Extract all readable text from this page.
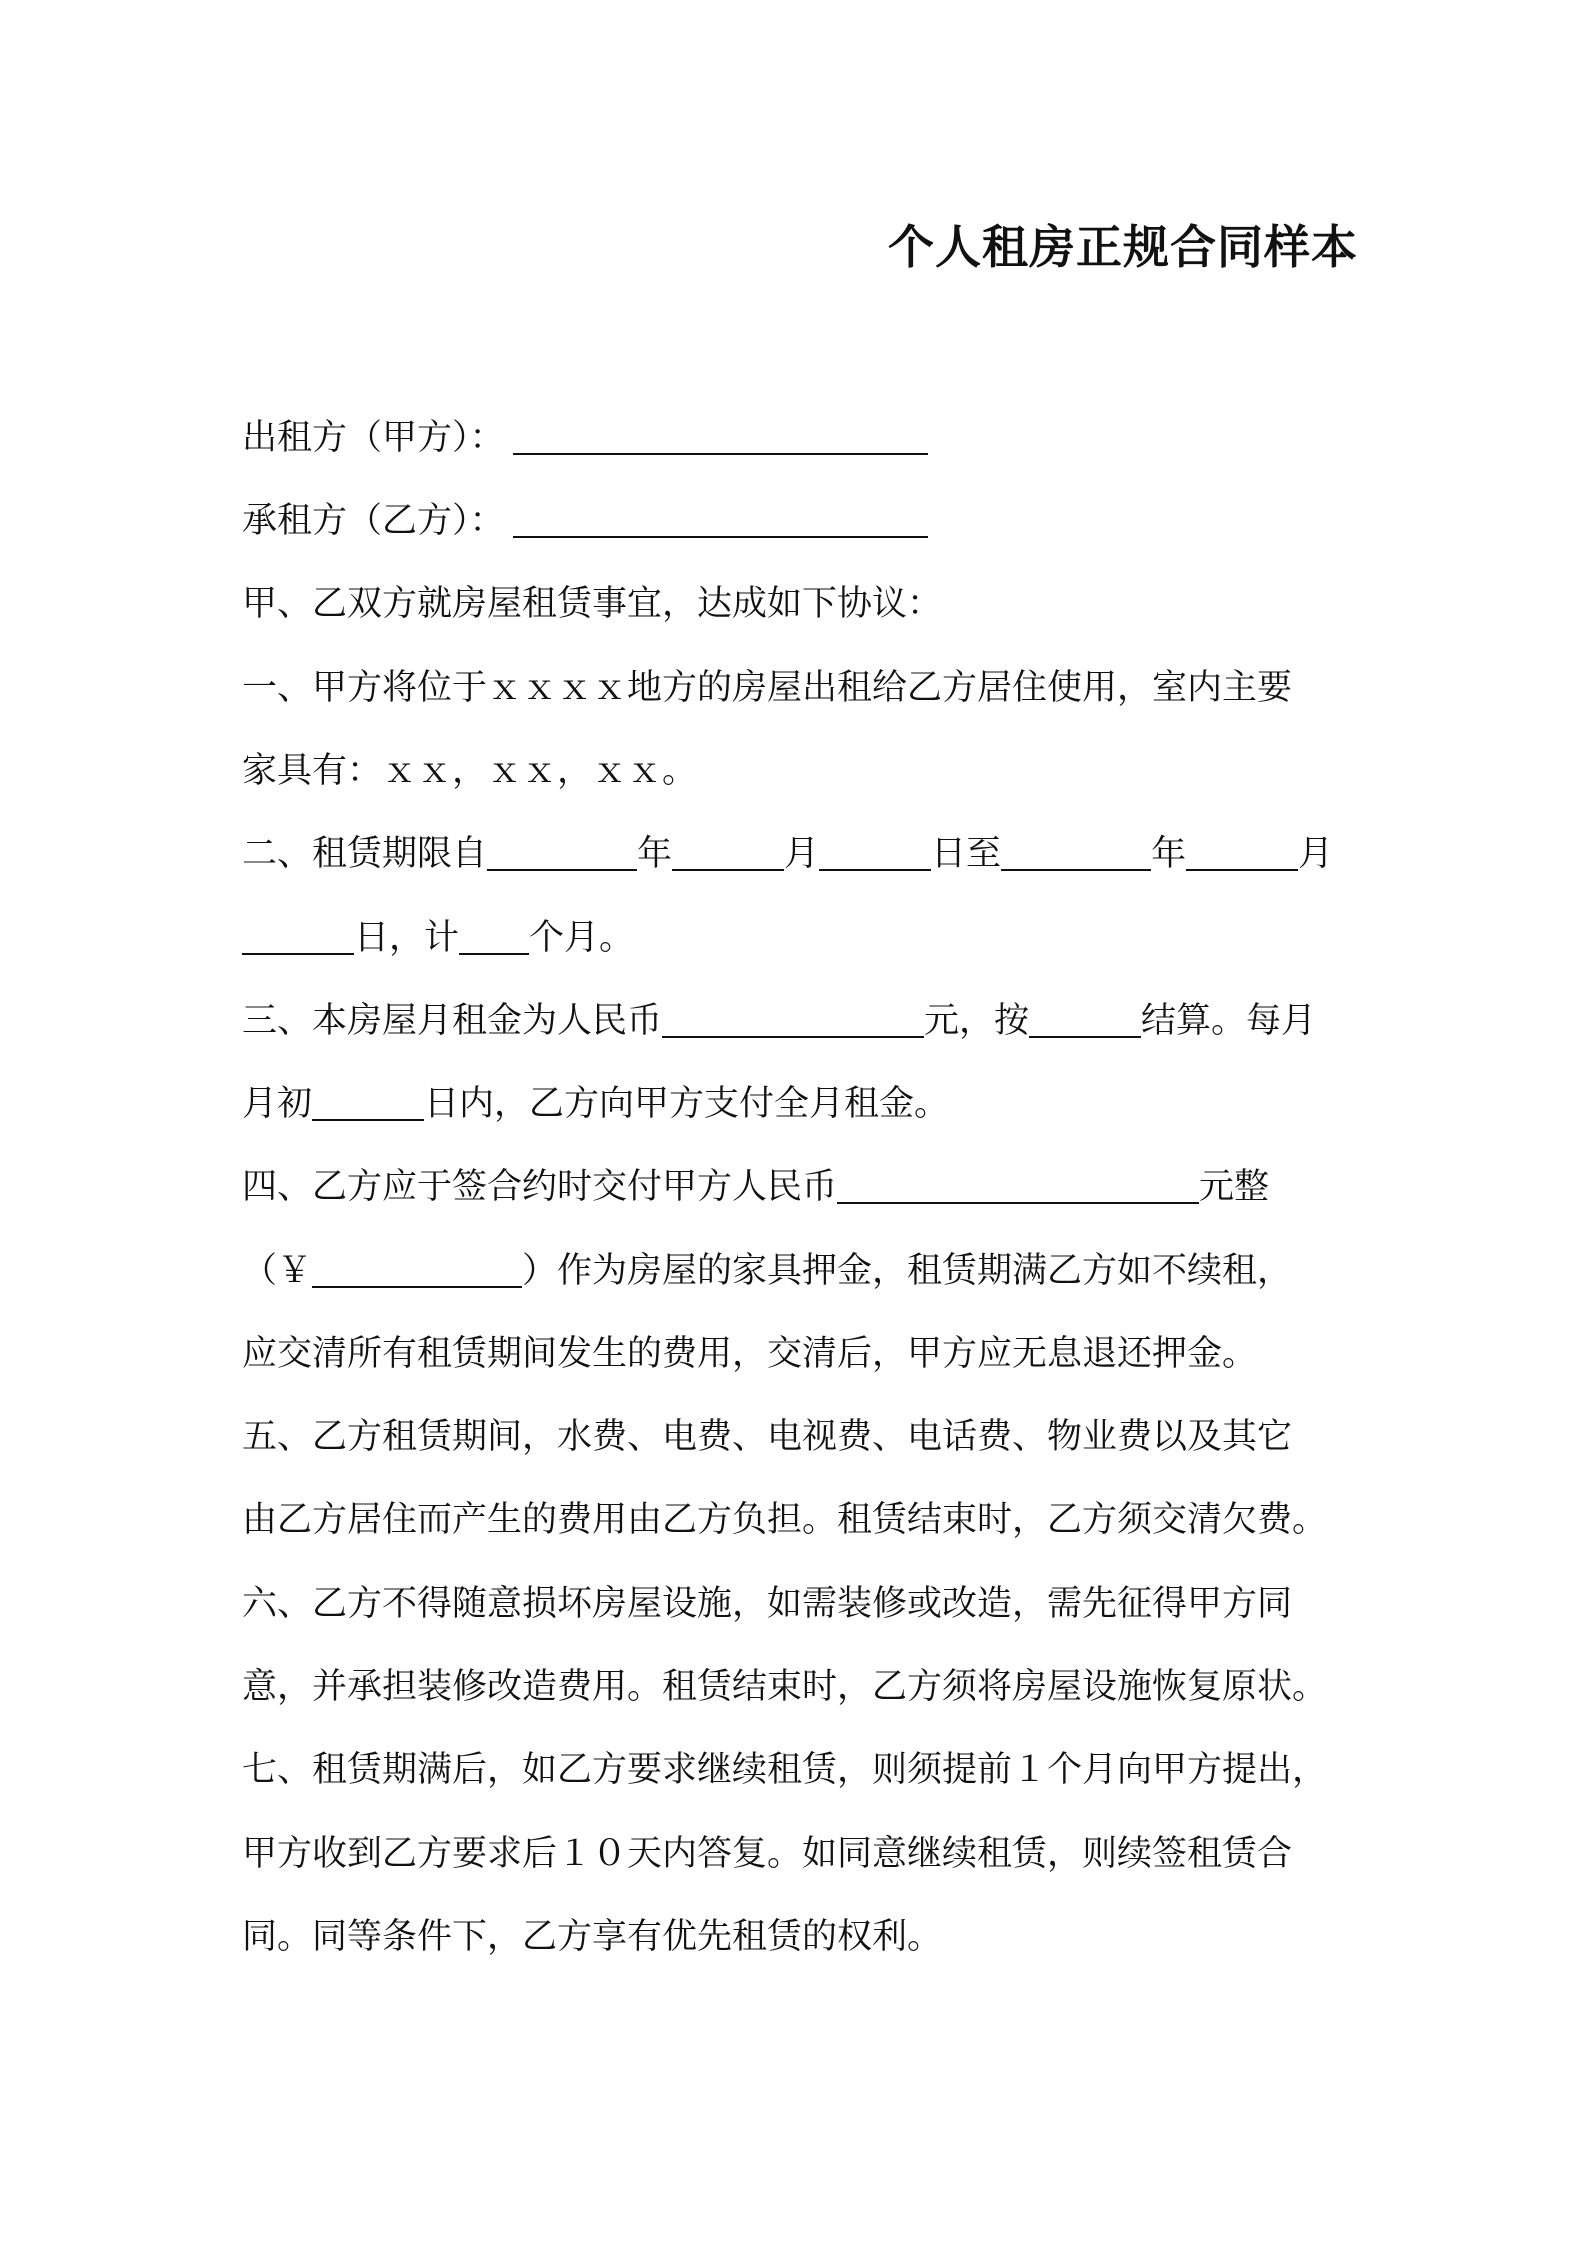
个人租房正规合同样本
出租方（甲方）：
承租方（乙方）：
甲、乙双方就房屋租赁事宜，达成如下协议：
一、甲方将位于ｘｘｘｘ地方的房屋出租给乙方居住使用，室内主要
家具有：ｘｘ，ｘｘ，ｘｘ。
二、租赁期限自	年	月	日至	年	月
日，计 个月。
三、本房屋月租金为人民币	元，按	结算。每月
月初	日内，乙方向甲方支付全月租金。
四、乙方应于签合约时交付甲方人民币	元整
（￥	）作为房屋的家具押金，租赁期满乙方如不续租，
应交清所有租赁期间发生的费用，交清后，甲方应无息退还押金。
五、乙方租赁期间，水费、电费、电视费、电话费、物业费以及其它
由乙方居住而产生的费用由乙方负担。租赁结束时，乙方须交清欠费。
六、乙方不得随意损坏房屋设施，如需装修或改造，需先征得甲方同
意，并承担装修改造费用。租赁结束时，乙方须将房屋设施恢复原状。
七、租赁期满后，如乙方要求继续租赁，则须提前１个月向甲方提出，
甲方收到乙方要求后１０天内答复。如同意继续租赁，则续签租赁合
同。同等条件下，乙方享有优先租赁的权利。
